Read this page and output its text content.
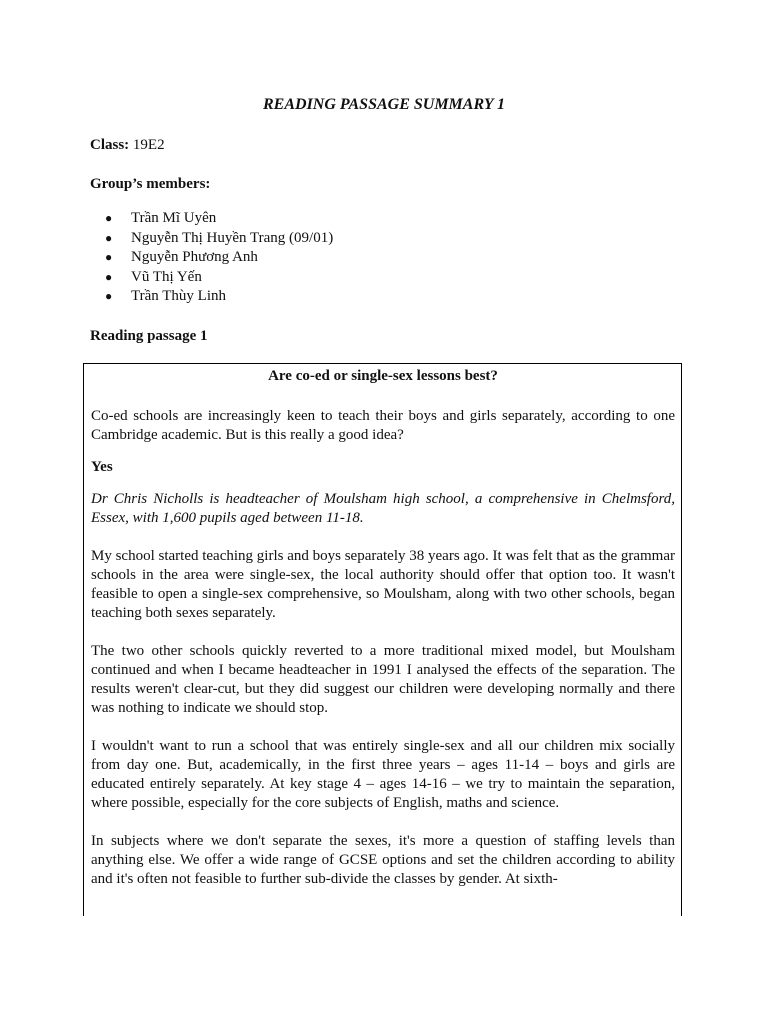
READING PASSAGE SUMMARY 1
Class: 19E2
Group’s members:
● Trần Mĩ Uyên
● Nguyễn Thị Huyền Trang (09/01)
● Nguyễn Phương Anh
● Vũ Thị Yến
● Trần Thùy Linh
Reading passage 1

Are co-ed or single-sex lessons best?

Co-ed schools are increasingly keen to teach their boys and girls separately, according to one Cambridge academic. But is this really a good idea?

Yes

Dr Chris Nicholls is headteacher of Moulsham high school, a comprehensive in Chelmsford, Essex, with 1,600 pupils aged between 11-18.

My school started teaching girls and boys separately 38 years ago. It was felt that as the grammar schools in the area were single-sex, the local authority should offer that option too. It wasn't feasible to open a single-sex comprehensive, so Moulsham, along with two other schools, began teaching both sexes separately.

The two other schools quickly reverted to a more traditional mixed model, but Moulsham continued and when I became headteacher in 1991 I analysed the effects of the separation. The results weren't clear-cut, but they did suggest our children were developing normally and there was nothing to indicate we should stop.

I wouldn't want to run a school that was entirely single-sex and all our children mix socially from day one. But, academically, in the first three years – ages 11-14 – boys and girls are educated entirely separately. At key stage 4 – ages 14-16 – we try to maintain the separation, where possible, especially for the core subjects of English, maths and science.

In subjects where we don't separate the sexes, it's more a question of staffing levels than anything else. We offer a wide range of GCSE options and set the children according to ability and it's often not feasible to further sub-divide the classes by gender. At sixth-
